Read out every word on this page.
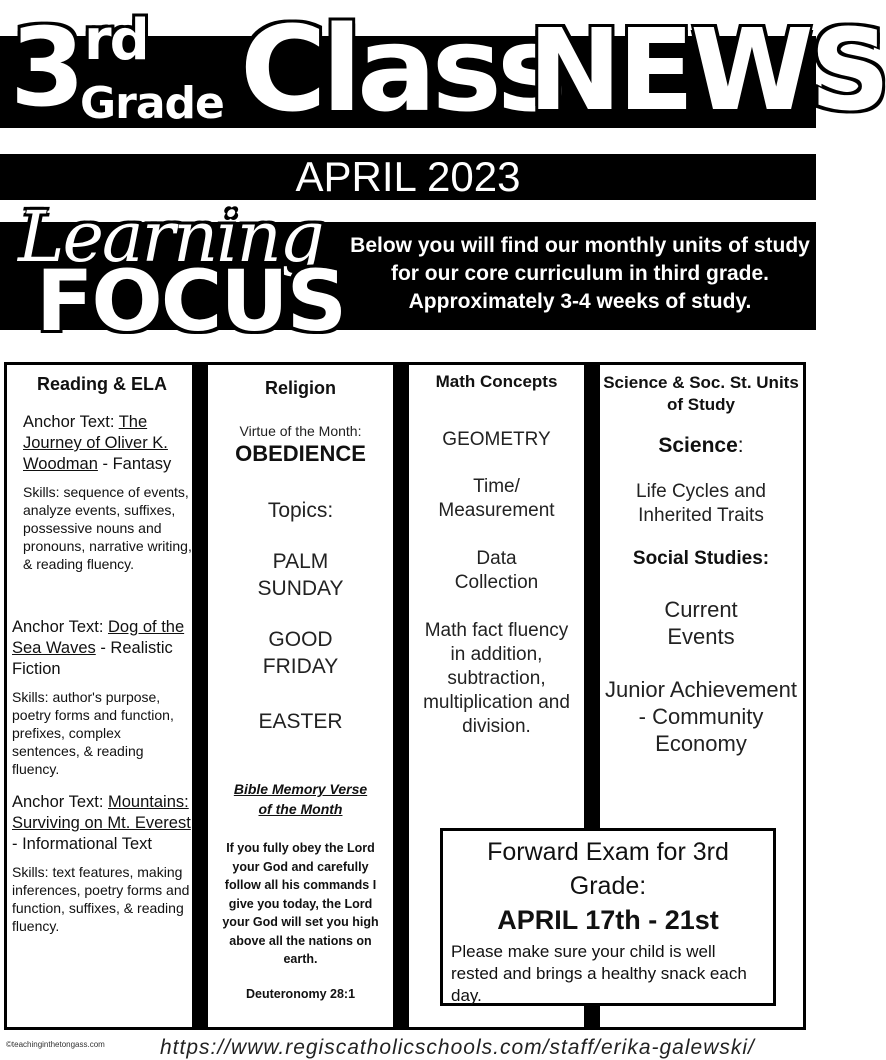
3 rd
Grade Class
NEWS
APRIL 2023
Learning
FOCUS
Below you will find our monthly units of study for our core curriculum in third grade. Approximately 3-4 weeks of study.
Reading & ELA
Anchor Text: The Journey of Oliver K. Woodman - Fantasy
Skills: sequence of events, analyze events, suffixes, possessive nouns and pronouns, narrative writing, & reading fluency.
Anchor Text: Dog of the Sea Waves - Realistic Fiction
Skills: author's purpose, poetry forms and function, prefixes, complex sentences, & reading fluency.
Anchor Text: Mountains: Surviving on Mt. Everest - Informational Text
Skills: text features, making inferences, poetry forms and function, suffixes, & reading fluency.
Religion
Virtue of the Month:
OBEDIENCE
Topics:
PALM SUNDAY
GOOD FRIDAY
EASTER
Bible Memory Verse of the Month
If you fully obey the Lord your God and carefully follow all his commands I give you today, the Lord your God will set you high above all the nations on earth.
Deuteronomy 28:1
Math Concepts
GEOMETRY
Time/ Measurement
Data Collection
Math fact fluency in addition, subtraction, multiplication and division.
Science & Soc. St. Units of Study
Science:
Life Cycles and Inherited Traits
Social Studies:
Current Events
Junior Achievement - Community Economy
Forward Exam for 3rd Grade:
APRIL 17th - 21st
Please make sure your child is well rested and brings a healthy snack each day.
©teachinginthetongass.com	https://www.regiscatholicschools.com/staff/erika-galewski/
